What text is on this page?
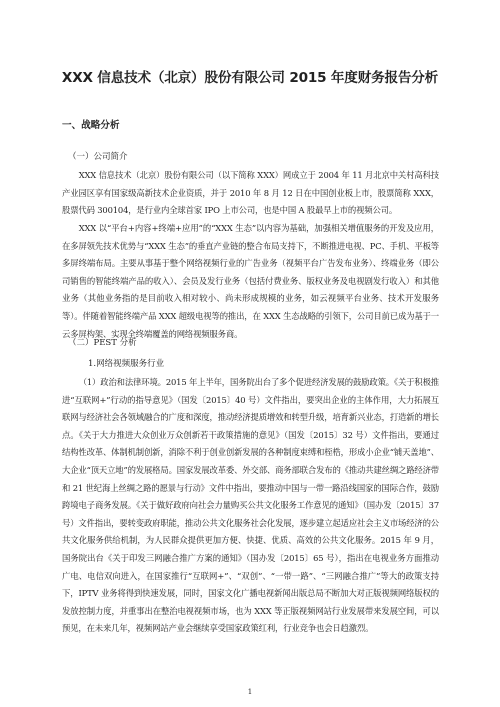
XXX 信息技术（北京）股份有限公司 2015 年度财务报告分析
一、战略分析
（一）公司简介
XXX 信息技术（北京）股份有限公司（以下简称 XXX）网成立于 2004 年 11 月北京中关村高科技产业园区享有国家级高新技术企业资质，并于 2010 年 8 月 12 日在中国创业板上市，股票简称 XXX，股票代码 300104，是行业内全球首家 IPO 上市公司，也是中国 A 股最早上市的视频公司。
XXX 以“平台+内容+终端+应用”的“XXX 生态”以内容为基础，加强相关增值服务的开发及应用，在多屏领先技术优势与“XXX 生态”的垂直产业链的整合布局支持下，不断推进电视、PC、手机、平板等多屏终端布局。主要从事基于整个网络视频行业的广告业务（视频平台广告发布业务）、终端业务（即公司销售的智能终端产品的收入）、会员及发行业务（包括付费业务、版权业务及电视剧发行收入）和其他业务（其他业务指的是目前收入相对较小、尚未形成规模的业务，如云视频平台业务、技术开发服务等）。伴随着智能终端产品 XXX 超级电视等的推出，在 XXX 生态战略的引领下，公司目前已成为基于一云多屏构架、实现全终端覆盖的网络视频服务商。
（二）PEST 分析
1.网络视频服务行业
（1）政治和法律环境。2015 年上半年，国务院出台了多个促进经济发展的鼓励政策。《关于积极推进“互联网+”行动的指导意见》（国发〔2015〕40 号）文件指出，要突出企业的主体作用，大力拓展互联网与经济社会各领域融合的广度和深度，推动经济提质增效和转型升级，培育新兴业态，打造新的增长点。《关于大力推进大众创业万众创新若干政策措施的意见》（国发〔2015〕32 号）文件指出，要通过结构性改革、体制机制创新，消除不利于创业创新发展的各种制度束缚和桎梏，形成小企业“铺天盖地”、大企业“顶天立地”的发展格局。国家发展改革委、外交部、商务部联合发布的《推动共建丝绸之路经济带和 21 世纪海上丝绸之路的愿景与行动》文件中指出，要推动中国与一带一路沿线国家的国际合作，鼓励跨境电子商务发展。《关于做好政府向社会力量购买公共文化服务工作意见的通知》（国办发〔2015〕37 号）文件指出，要转变政府职能，推动公共文化服务社会化发展，逐步建立起适应社会主义市场经济的公共文化服务供给机制，为人民群众提供更加方便、快捷、优质、高效的公共文化服务。2015 年 9 月，国务院出台《关于印发三网融合推广方案的通知》（国办发〔2015〕65 号），指出在电视业务方面推动广电、电信双向进入，在国家推行“互联网+”、“双创”、“一带一路”、“三网融合推广”等大的政策支持下，IPTV 业务将得到快速发展，同时，国家文化广播电视新闻出版总局不断加大对正版视频网络版权的发放控制力度，并重事出在整治电视视频市场，也为 XXX 等正版视频网站行业发展带来发展空间，可以预见，在未来几年，视频网站产业会继续享受国家政策红利，行业竞争也会日趋激烈。
1
